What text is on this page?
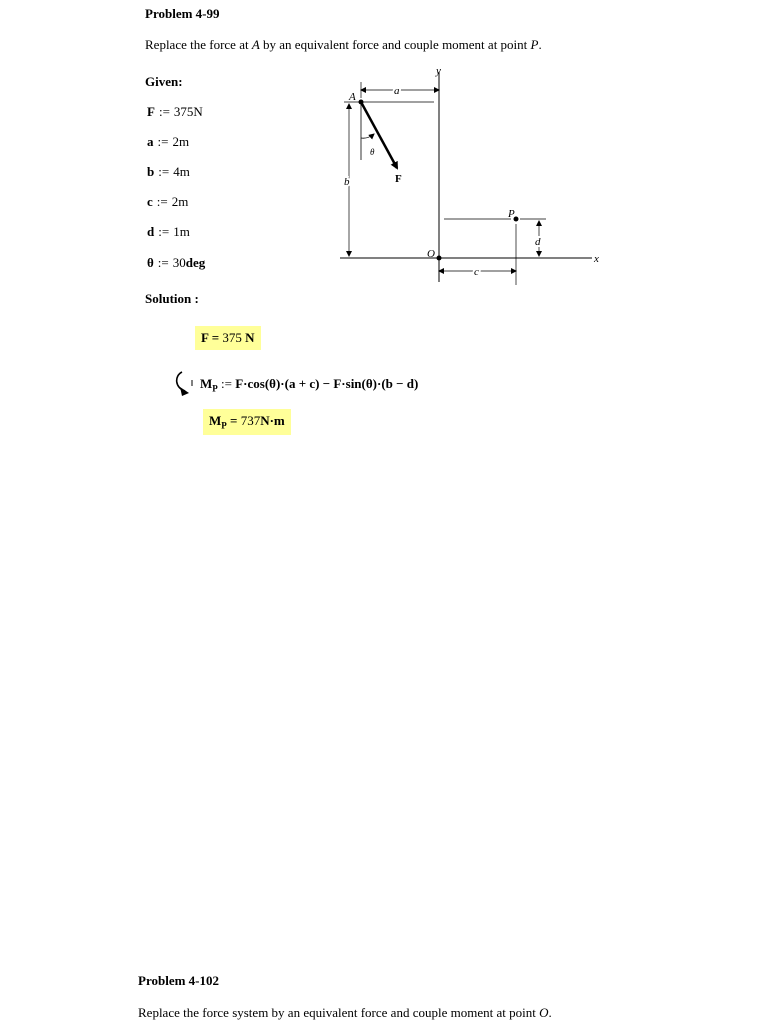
Problem 4-99
Replace the force at A by an equivalent force and couple moment at point P.
Given:
F := 375N
a := 2m
b := 4m
c := 2m
d := 1m
θ := 30deg
y
x
A
F
θ
O
P
a
b
c
d
Solution :
F = 375 N
$M_P$ := F·cos(θ)·(a + c) − F·sin(θ)·(b − d)
$M_P = 737N\cdot m$
Problem 4-102
Replace the force system by an equivalent force and couple moment at point O.
